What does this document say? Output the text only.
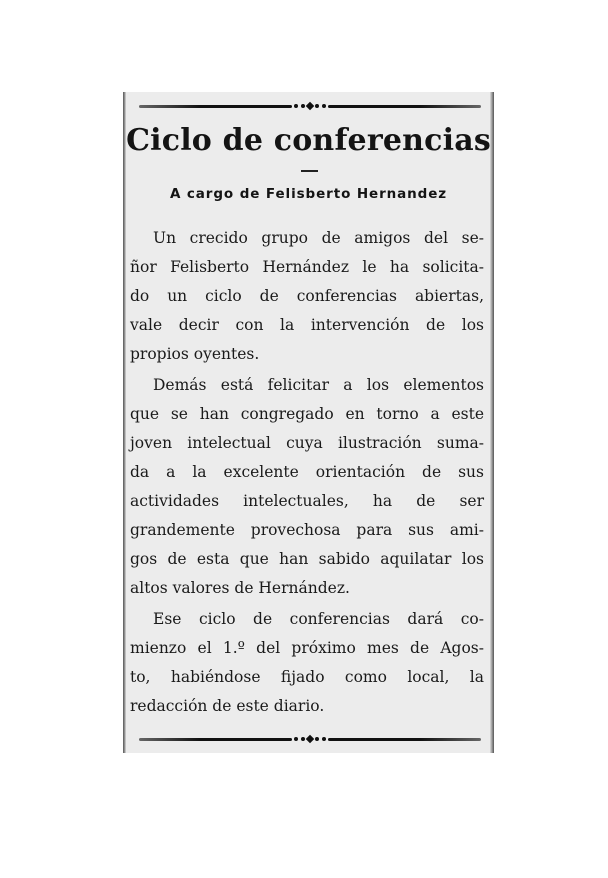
Ciclo de conferencias
A cargo de Felisberto Hernandez
Un crecido grupo de amigos del se-
ñor Felisberto Hernández le ha solicita-
do un ciclo de conferencias abiertas,
vale decir con la intervención de los
propios oyentes.
Demás está felicitar a los elementos
que se han congregado en torno a este
joven intelectual cuya ilustración suma-
da a la excelente orientación de sus
actividades intelectuales, ha de ser
grandemente provechosa para sus ami-
gos de esta que han sabido aquilatar los
altos valores de Hernández.
Ese ciclo de conferencias dará co-
mienzo el 1.º del próximo mes de Agos-
to, habiéndose fijado como local, la
redacción de este diario.
